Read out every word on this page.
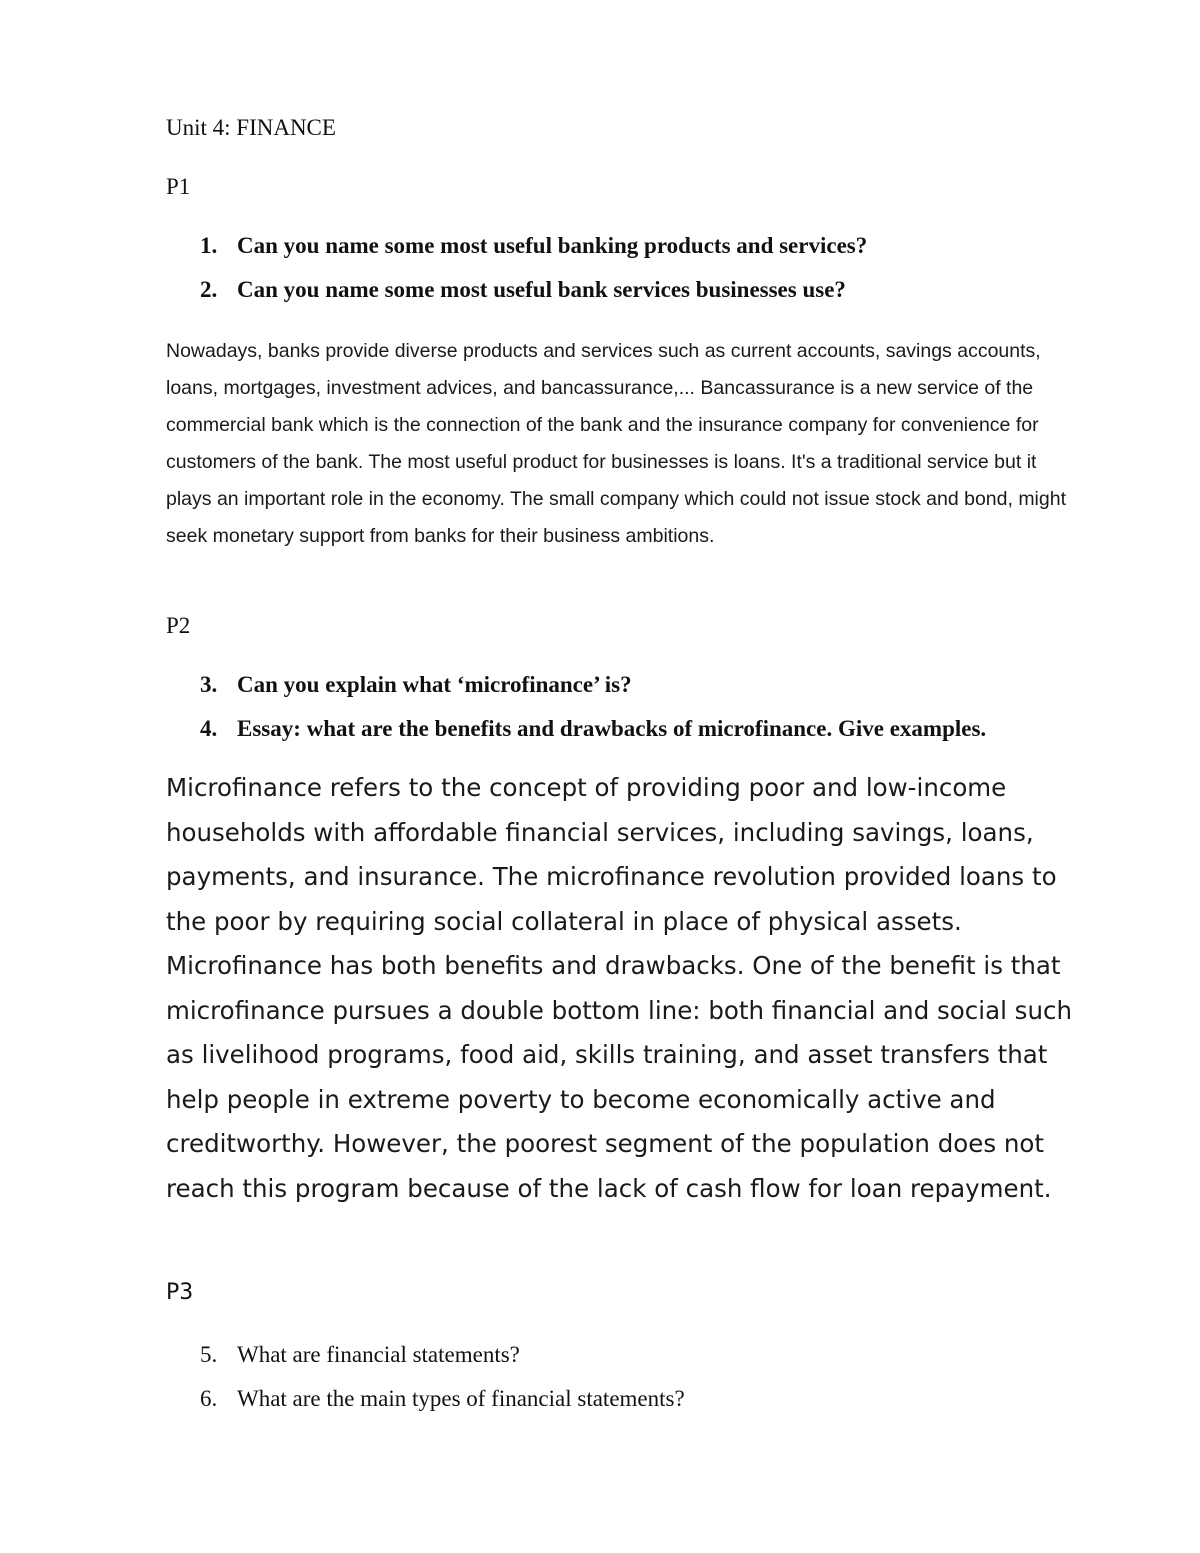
Unit 4: FINANCE
P1
1. Can you name some most useful banking products and services?
2. Can you name some most useful bank services businesses use?
Nowadays, banks provide diverse products and services such as current accounts, savings accounts, loans, mortgages, investment advices, and bancassurance,... Bancassurance is a new service of the commercial bank which is the connection of the bank and the insurance company for convenience for customers of the bank. The most useful product for businesses is loans. It's a traditional service but it plays an important role in the economy. The small company which could not issue stock and bond, might seek monetary support from banks for their business ambitions.
P2
3. Can you explain what ‘microfinance’ is?
4. Essay: what are the benefits and drawbacks of microfinance. Give examples.
Microfinance refers to the concept of providing poor and low-income households with affordable financial services, including savings, loans, payments, and insurance. The microfinance revolution provided loans to the poor by requiring social collateral in place of physical assets. Microfinance has both benefits and drawbacks. One of the benefit is that microfinance pursues a double bottom line: both financial and social such as livelihood programs, food aid, skills training, and asset transfers that help people in extreme poverty to become economically active and creditworthy. However, the poorest segment of the population does not reach this program because of the lack of cash flow for loan repayment.
P3
5. What are financial statements?
6. What are the main types of financial statements?
